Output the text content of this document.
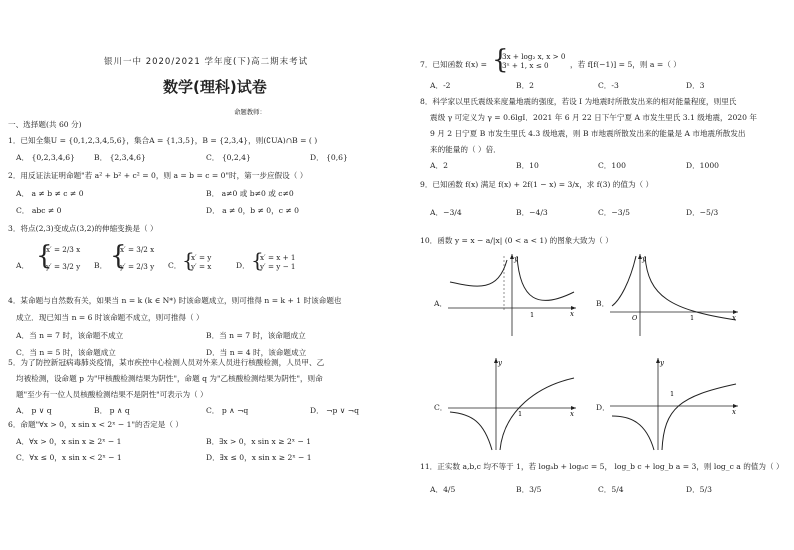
银川一中 2020/2021 学年度(下)高二期末考试
数学(理科)试卷
命题教师：
一、选择题(共 60 分)
1．已知全集U = {0,1,2,3,4,5,6}，集合A = {1,3,5}，B = {2,3,4}，则(∁UA)∩B = ( )
A． {0,2,3,4,6}	B． {2,3,4,6}	C． {0,2,4}	D． {0,6}
2．用反证法证明命题"若 a² + b² + c² = 0，则 a = b = c = 0"时，第一步应假设（ ）
A． a ≠ b ≠ c ≠ 0	B． a≠0 或 b≠0 或 c≠0
C． abc ≠ 0	D． a ≠ 0，b ≠ 0，c ≠ 0
3．将点(2,3)变成点(3,2)的伸缩变换是（ ）
A． {
x′ = 2/3 x
y′ = 3/2 y B． {
x′ = 3/2 x
y′ = 2/3 y C． {
x′ = y
y′ = x	D． {
x′ = x + 1
y′ = y − 1
4．某命题与自然数有关，如果当 n = k (k ∈ N*) 时该命题成立，则可推得 n = k + 1 时该命题也
成立．现已知当 n = 6 时该命题不成立，则可推得（ ）
A．当 n = 7 时，该命题不成立	B．当 n = 7 时，该命题成立
C．当 n = 5 时，该命题成立	D．当 n = 4 时，该命题成立
5．为了防控新冠病毒肺炎疫情，某市疾控中心检测人员对外来人员进行核酸检测，人员甲、乙
均被检测，设命题 p 为"甲核酸检测结果为阴性"，命题 q 为"乙核酸检测结果为阴性"，则命
题"至少有一位人员核酸检测结果不是阴性"可表示为（ ）
A． p ∨ q	B． p ∧ q	C． p ∧ ¬q	D． ¬p ∨ ¬q
6．命题"∀x > 0，x sin x < 2ˣ − 1"的否定是（ ）
A．∀x > 0，x sin x ≥ 2ˣ − 1	B．∃x > 0，x sin x ≥ 2ˣ − 1
C．∀x ≤ 0，x sin x < 2ˣ − 1	D．∃x ≤ 0，x sin x ≥ 2ˣ − 1
7．已知函数 f(x) = {
3x + log₂ x, x > 0
3ˣ + 1, x ≤ 0	，若 f[f(−1)] = 5，则 a =（ ）
A．-2	B．2	C．-3	D．3
8．科学家以里氏震级来度量地震的强度，若设 I 为地震时所散发出来的相对能量程度，则里氏
震级 γ 可定义为 γ = 0.6lgI．2021 年 6 月 22 日下午宁夏 A 市发生里氏 3.1 级地震，2020 年
9 月 2 日宁夏 B 市发生里氏 4.3 级地震，则 B 市地震所散发出来的能量是 A 市地震所散发出
来的能量的（ ）倍．
A．2	B．10	C．100	D．1000
9．已知函数 f(x) 满足 f(x) + 2f(1 − x) = 3/x，求 f(3) 的值为（ ）
A．−3/4	B．−4/3	C．−3/5	D．−5/3
10．函数 y = x − a/|x| (0 < a < 1) 的图象大致为（ ）
A．
y
x
1
B．
y
x
O	1
C．
y
x
1
D．
y
x
1
11．正实数 a,b,c 均不等于 1，若 logₐb + logₐc = 5， log_b c + log_b a = 3，则 log_c a 的值为（ ）
A．4/5	B．3/5	C．5/4	D．5/3
